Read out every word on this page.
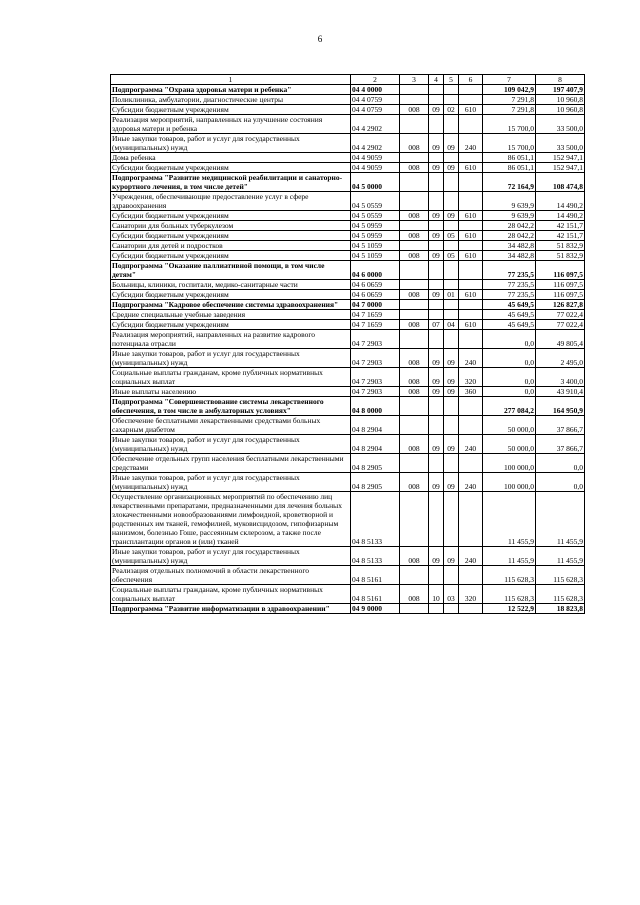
6
1	2	3	4	5	6	7	8
Подпрограмма "Охрана здоровья матери и ребенка"	04 4 0000					109 042,9	197 407,9
Поликлиника, амбулатории, диагностические центры	04 4 0759					7 291,8	10 960,8
Субсидии бюджетным учреждениям	04 4 0759	008	09	02	610	7 291,8	10 960,8
Реализация мероприятий, направленных на улучшение состояния здоровья матери и ребенка	04 4 2902					15 700,0	33 500,0
Иные закупки товаров, работ и услуг для государственных (муниципальных) нужд	04 4 2902	008	09	09	240	15 700,0	33 500,0
Дома ребенка	04 4 9059					86 051,1	152 947,1
Субсидии бюджетным учреждениям	04 4 9059	008	09	09	610	86 051,1	152 947,1
Подпрограмма "Развитие медицинской реабилитации и санаторно-курортного лечения, в том числе детей"	04 5 0000					72 164,9	108 474,8
Учреждения, обеспечивающие предоставление услуг в сфере здравоохранения	04 5 0559					9 639,9	14 490,2
Субсидии бюджетным учреждениям	04 5 0559	008	09	09	610	9 639,9	14 490,2
Санатории для больных туберкулезом	04 5 0959					28 042,2	42 151,7
Субсидии бюджетным учреждениям	04 5 0959	008	09	05	610	28 042,2	42 151,7
Санатории для детей и подростков	04 5 1059					34 482,8	51 832,9
Субсидии бюджетным учреждениям	04 5 1059	008	09	05	610	34 482,8	51 832,9
Подпрограмма "Оказание паллиативной помощи, в том числе детям"	04 6 0000					77 235,5	116 097,5
Больницы, клиники, госпитали, медико-санитарные части	04 6 0659					77 235,5	116 097,5
Субсидии бюджетным учреждениям	04 6 0659	008	09	01	610	77 235,5	116 097,5
Подпрограмма "Кадровое обеспечение системы здравоохранения"	04 7 0000					45 649,5	126 827,8
Средние специальные учебные заведения	04 7 1659					45 649,5	77 022,4
Субсидии бюджетным учреждениям	04 7 1659	008	07	04	610	45 649,5	77 022,4
Реализация мероприятий, направленных на развитие кадрового потенциала отрасли	04 7 2903					0,0	49 805,4
Иные закупки товаров, работ и услуг для государственных (муниципальных) нужд	04 7 2903	008	09	09	240	0,0	2 495,0
Социальные выплаты гражданам, кроме публичных нормативных социальных выплат	04 7 2903	008	09	09	320	0,0	3 400,0
Иные выплаты населению	04 7 2903	008	09	09	360	0,0	43 910,4
Подпрограмма "Совершенствование системы лекарственного обеспечения, в том числе в амбулаторных условиях"	04 8 0000					277 084,2	164 950,9
Обеспечение бесплатными лекарственными средствами больных сахарным диабетом	04 8 2904					50 000,0	37 866,7
Иные закупки товаров, работ и услуг для государственных (муниципальных) нужд	04 8 2904	008	09	09	240	50 000,0	37 866,7
Обеспечение отдельных групп населения бесплатными лекарственными средствами	04 8 2905					100 000,0	0,0
Иные закупки товаров, работ и услуг для государственных (муниципальных) нужд	04 8 2905	008	09	09	240	100 000,0	0,0
Осуществление организационных мероприятий по обеспечению лиц лекарственными препаратами, предназначенными для лечения больных злокачественными новообразованиями лимфоидной, кроветворной и родственных им тканей, гемофилией, муковисцидозом, гипофизарным нанизмом, болезнью Гоше, рассеянным склерозом, а также после трансплантации органов и (или) тканей	04 8 5133					11 455,9	11 455,9
Иные закупки товаров, работ и услуг для государственных (муниципальных) нужд	04 8 5133	008	09	09	240	11 455,9	11 455,9
Реализация отдельных полномочий в области лекарственного обеспечения	04 8 5161					115 628,3	115 628,3
Социальные выплаты гражданам, кроме публичных нормативных социальных выплат	04 8 5161	008	10	03	320	115 628,3	115 628,3
Подпрограмма "Развитие информатизации в здравоохранении"	04 9 0000					12 522,9	18 823,8
